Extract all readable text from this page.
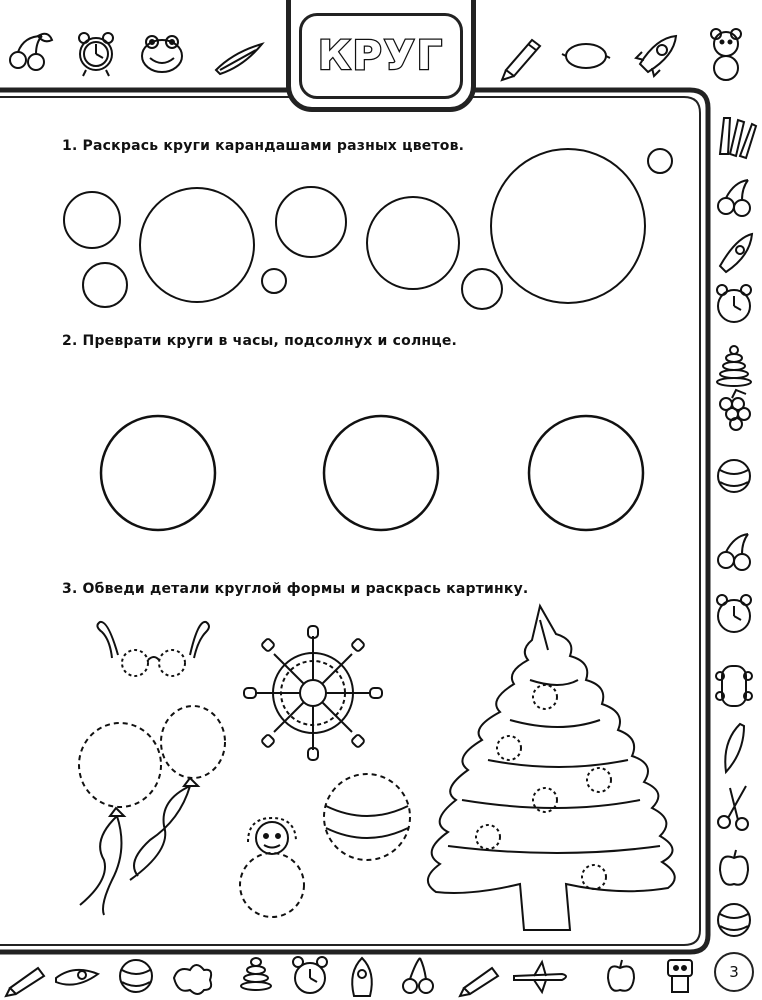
КРУГ
3
1. Раскрась круги карандашами разных цветов.
2. Преврати круги в часы, подсолнух и солнце.
3. Обведи детали круглой формы и раскрась картинку.
